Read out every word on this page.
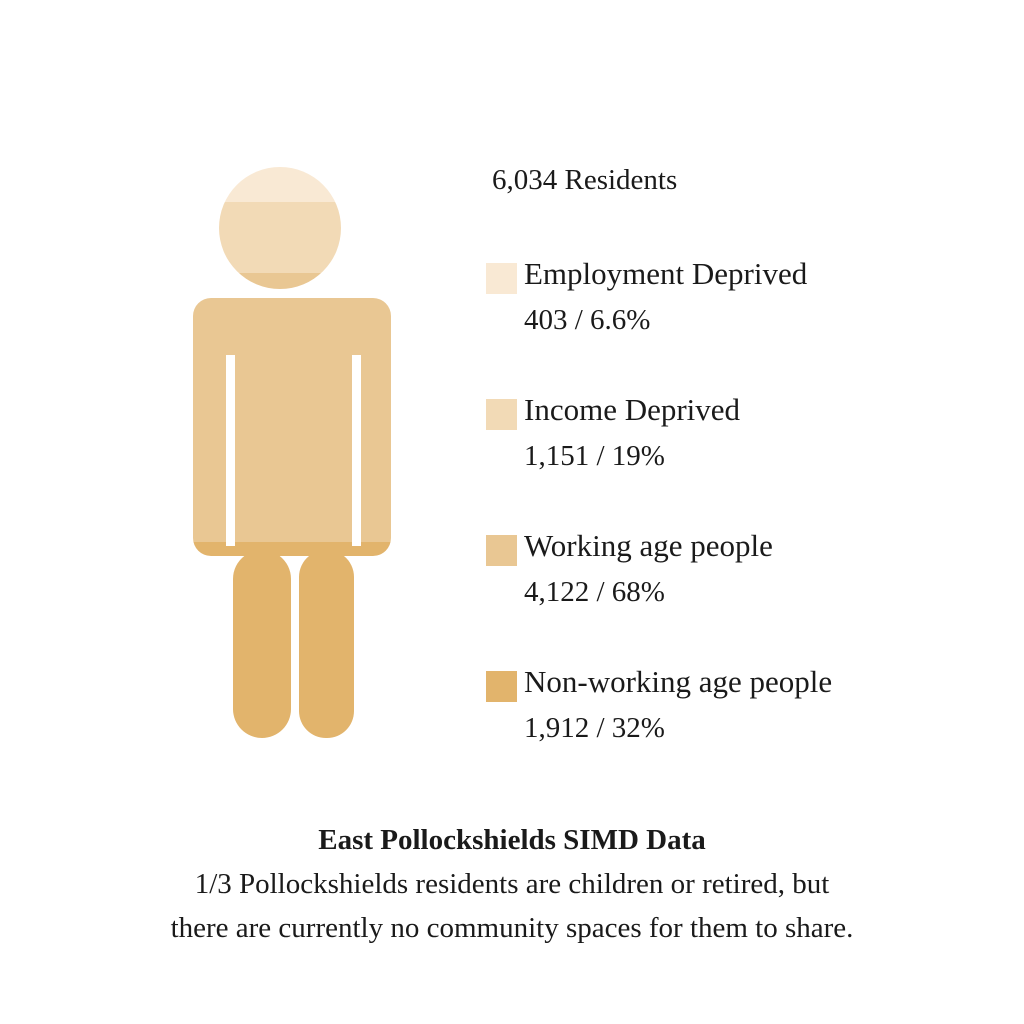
6,034 Residents
Employment Deprived
403 / 6.6%
Income Deprived
1,151 / 19%
Working age people
4,122 / 68%
Non-working age people
1,912 / 32%
East Pollockshields SIMD Data
1/3 Pollockshields residents are children or retired, but
there are currently no community spaces for them to share.
